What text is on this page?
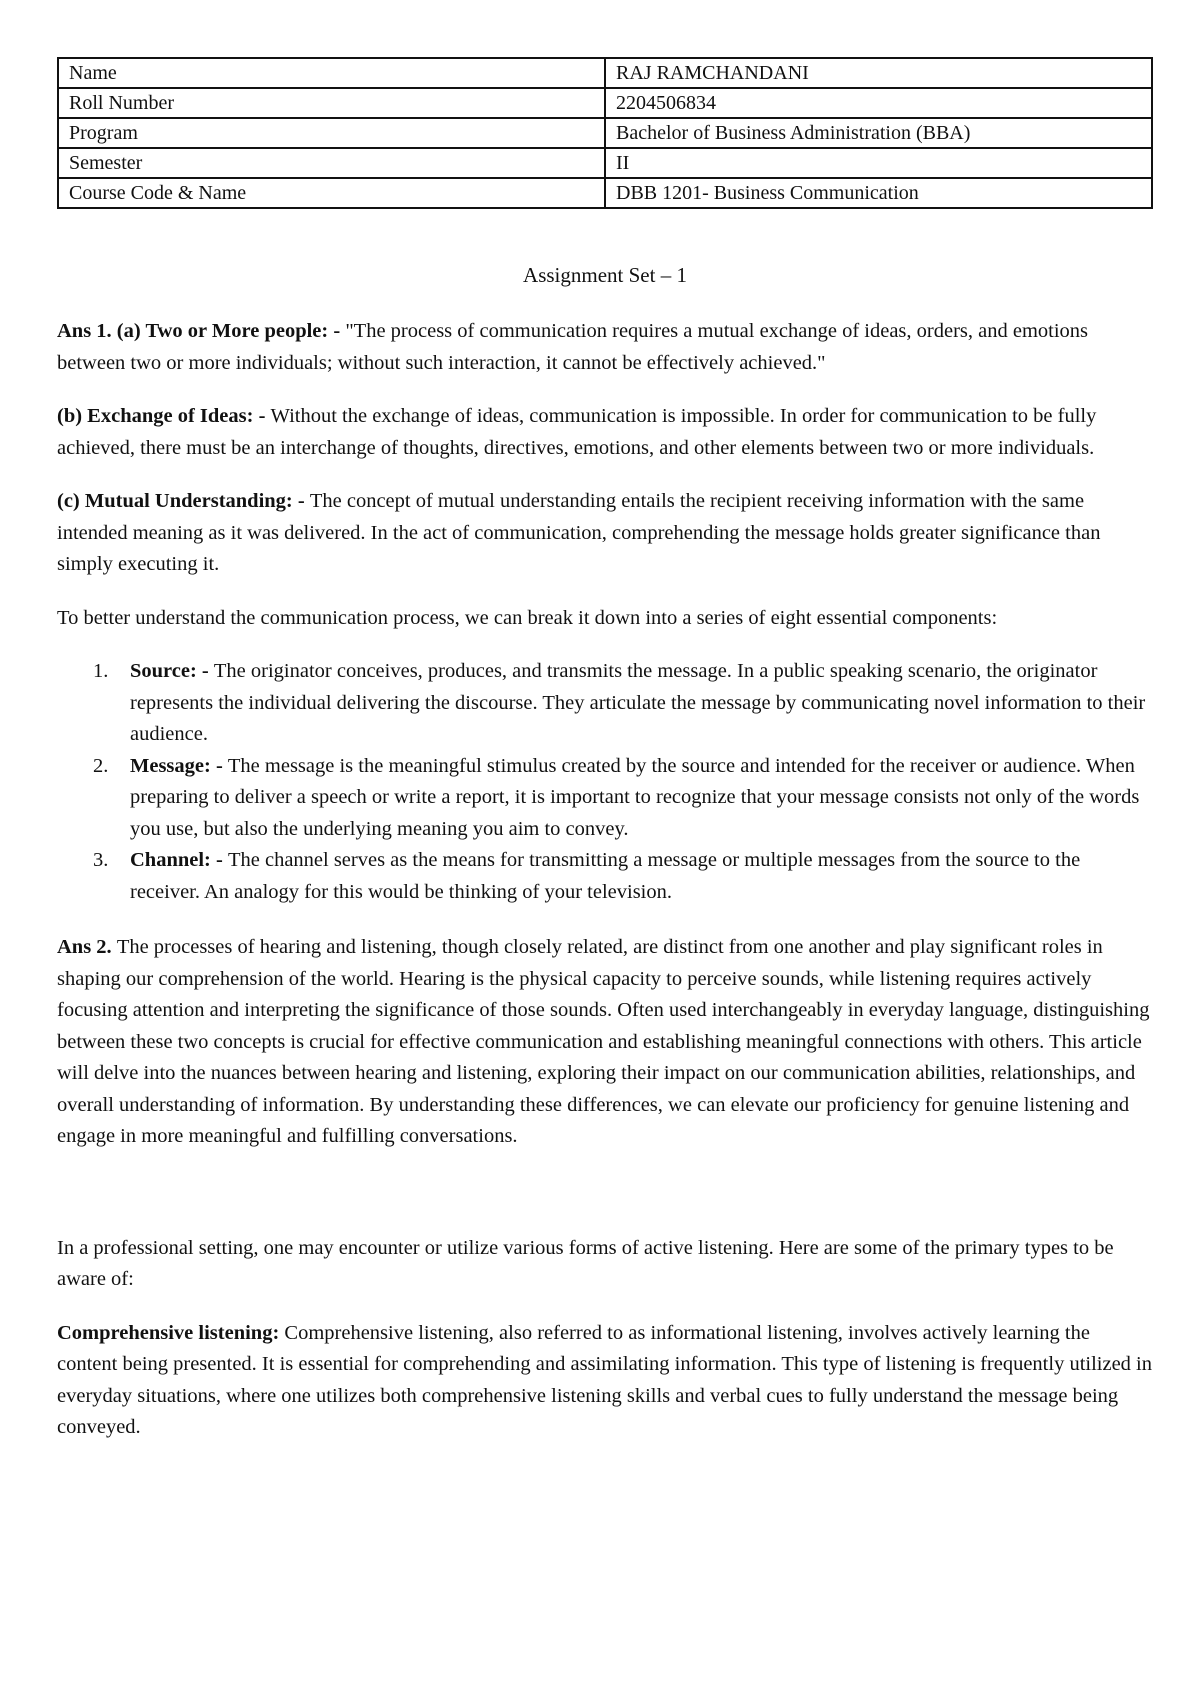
Name	RAJ RAMCHANDANI
Roll Number	2204506834
Program	Bachelor of Business Administration (BBA)
Semester	II
Course Code & Name	DBB 1201- Business Communication
Assignment Set – 1

Ans 1. (a) Two or More people: - "The process of communication requires a mutual exchange of ideas, orders, and emotions between two or more individuals; without such interaction, it cannot be effectively achieved."

(b) Exchange of Ideas: - Without the exchange of ideas, communication is impossible. In order for communication to be fully achieved, there must be an interchange of thoughts, directives, emotions, and other elements between two or more individuals.

(c) Mutual Understanding: - The concept of mutual understanding entails the recipient receiving information with the same intended meaning as it was delivered. In the act of communication, comprehending the message holds greater significance than simply executing it.

To better understand the communication process, we can break it down into a series of eight essential components:

1. Source: - The originator conceives, produces, and transmits the message. In a public speaking scenario, the originator represents the individual delivering the discourse. They articulate the message by communicating novel information to their audience.
2. Message: - The message is the meaningful stimulus created by the source and intended for the receiver or audience. When preparing to deliver a speech or write a report, it is important to recognize that your message consists not only of the words you use, but also the underlying meaning you aim to convey.
3. Channel: - The channel serves as the means for transmitting a message or multiple messages from the source to the receiver. An analogy for this would be thinking of your television.

Ans 2. The processes of hearing and listening, though closely related, are distinct from one another and play significant roles in shaping our comprehension of the world. Hearing is the physical capacity to perceive sounds, while listening requires actively focusing attention and interpreting the significance of those sounds. Often used interchangeably in everyday language, distinguishing between these two concepts is crucial for effective communication and establishing meaningful connections with others. This article will delve into the nuances between hearing and listening, exploring their impact on our communication abilities, relationships, and overall understanding of information. By understanding these differences, we can elevate our proficiency for genuine listening and engage in more meaningful and fulfilling conversations.

In a professional setting, one may encounter or utilize various forms of active listening. Here are some of the primary types to be aware of:

Comprehensive listening: Comprehensive listening, also referred to as informational listening, involves actively learning the content being presented. It is essential for comprehending and assimilating information. This type of listening is frequently utilized in everyday situations, where one utilizes both comprehensive listening skills and verbal cues to fully understand the message being conveyed.
